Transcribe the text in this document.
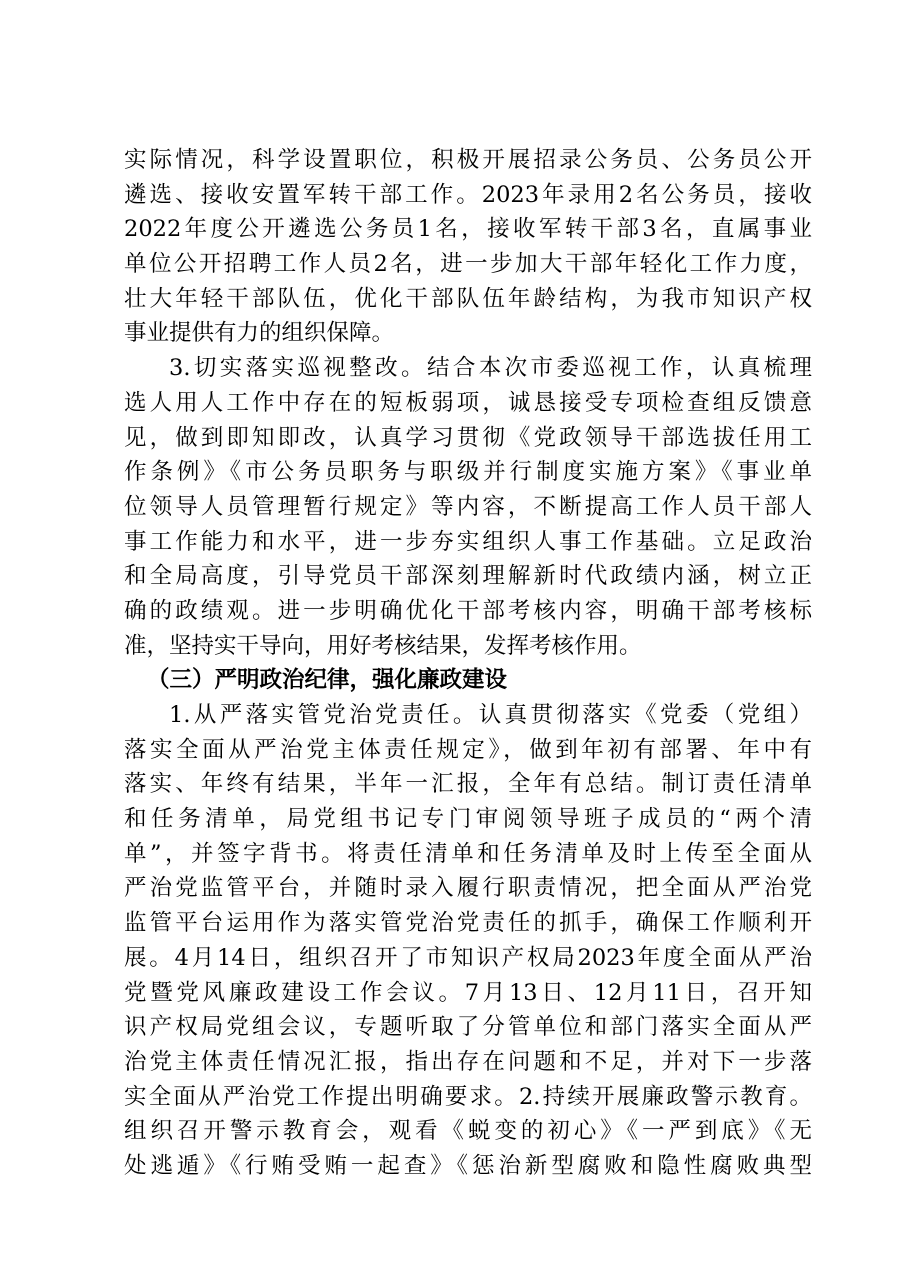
实际情况，科学设置职位，积极开展招录公务员、公务员公开
遴选、接收安置军转干部工作。2023年录用2名公务员，接收
2022年度公开遴选公务员1名，接收军转干部3名，直属事业
单位公开招聘工作人员2名，进一步加大干部年轻化工作力度，
壮大年轻干部队伍，优化干部队伍年龄结构，为我市知识产权
事业提供有力的组织保障。
3.切实落实巡视整改。结合本次市委巡视工作，认真梳理
选人用人工作中存在的短板弱项，诚恳接受专项检查组反馈意
见，做到即知即改，认真学习贯彻《党政领导干部选拔任用工
作条例》《市公务员职务与职级并行制度实施方案》《事业单
位领导人员管理暂行规定》等内容，不断提高工作人员干部人
事工作能力和水平，进一步夯实组织人事工作基础。立足政治
和全局高度，引导党员干部深刻理解新时代政绩内涵，树立正
确的政绩观。进一步明确优化干部考核内容，明确干部考核标
准，坚持实干导向，用好考核结果，发挥考核作用。
（三）严明政治纪律，强化廉政建设
1.从严落实管党治党责任。认真贯彻落实《党委（党组）
落实全面从严治党主体责任规定》，做到年初有部署、年中有
落实、年终有结果，半年一汇报，全年有总结。制订责任清单
和任务清单，局党组书记专门审阅领导班子成员的“两个清
单”，并签字背书。将责任清单和任务清单及时上传至全面从
严治党监管平台，并随时录入履行职责情况，把全面从严治党
监管平台运用作为落实管党治党责任的抓手，确保工作顺利开
展。4月14日，组织召开了市知识产权局2023年度全面从严治
党暨党风廉政建设工作会议。7月13日、12月11日，召开知
识产权局党组会议，专题听取了分管单位和部门落实全面从严
治党主体责任情况汇报，指出存在问题和不足，并对下一步落
实全面从严治党工作提出明确要求。2.持续开展廉政警示教育。
组织召开警示教育会，观看《蜕变的初心》《一严到底》《无
处逃遁》《行贿受贿一起查》《惩治新型腐败和隐性腐败典型
